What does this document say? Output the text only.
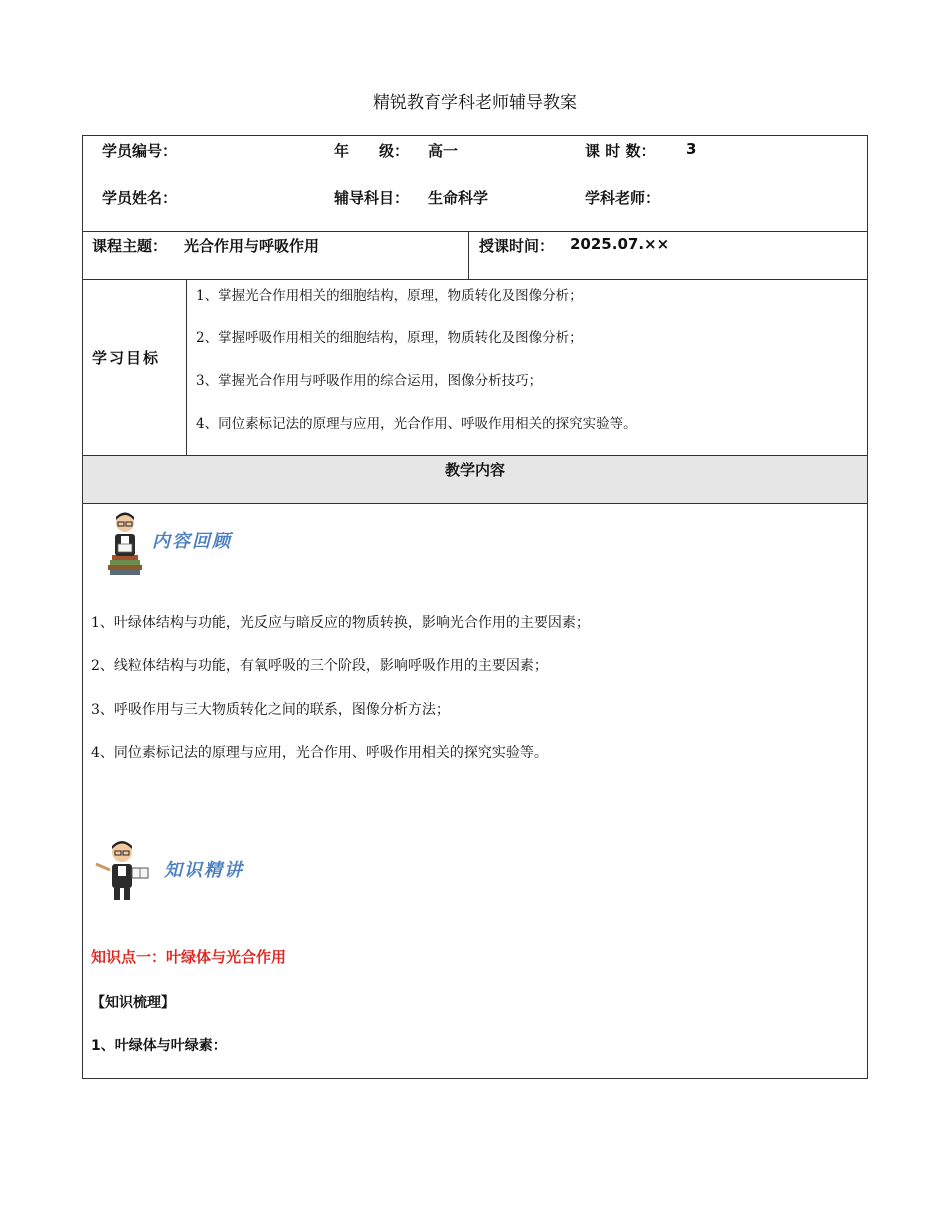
精锐教育学科老师辅导教案
学员编号：	年　　级： 高一	课 时 数： 3
学员姓名：	辅导科目： 生命科学	学科老师：
课程主题： 光合作用与呼吸作用	授课时间： 2025.07.××
学习目标
1、掌握光合作用相关的细胞结构，原理，物质转化及图像分析；
2、掌握呼吸作用相关的细胞结构，原理，物质转化及图像分析；
3、掌握光合作用与呼吸作用的综合运用，图像分析技巧；
4、同位素标记法的原理与应用，光合作用、呼吸作用相关的探究实验等。
教学内容
内容回顾
1、叶绿体结构与功能，光反应与暗反应的物质转换，影响光合作用的主要因素；
2、线粒体结构与功能，有氧呼吸的三个阶段，影响呼吸作用的主要因素；
3、呼吸作用与三大物质转化之间的联系，图像分析方法；
4、同位素标记法的原理与应用，光合作用、呼吸作用相关的探究实验等。
知识精讲
知识点一：叶绿体与光合作用
【知识梳理】
1、叶绿体与叶绿素：
